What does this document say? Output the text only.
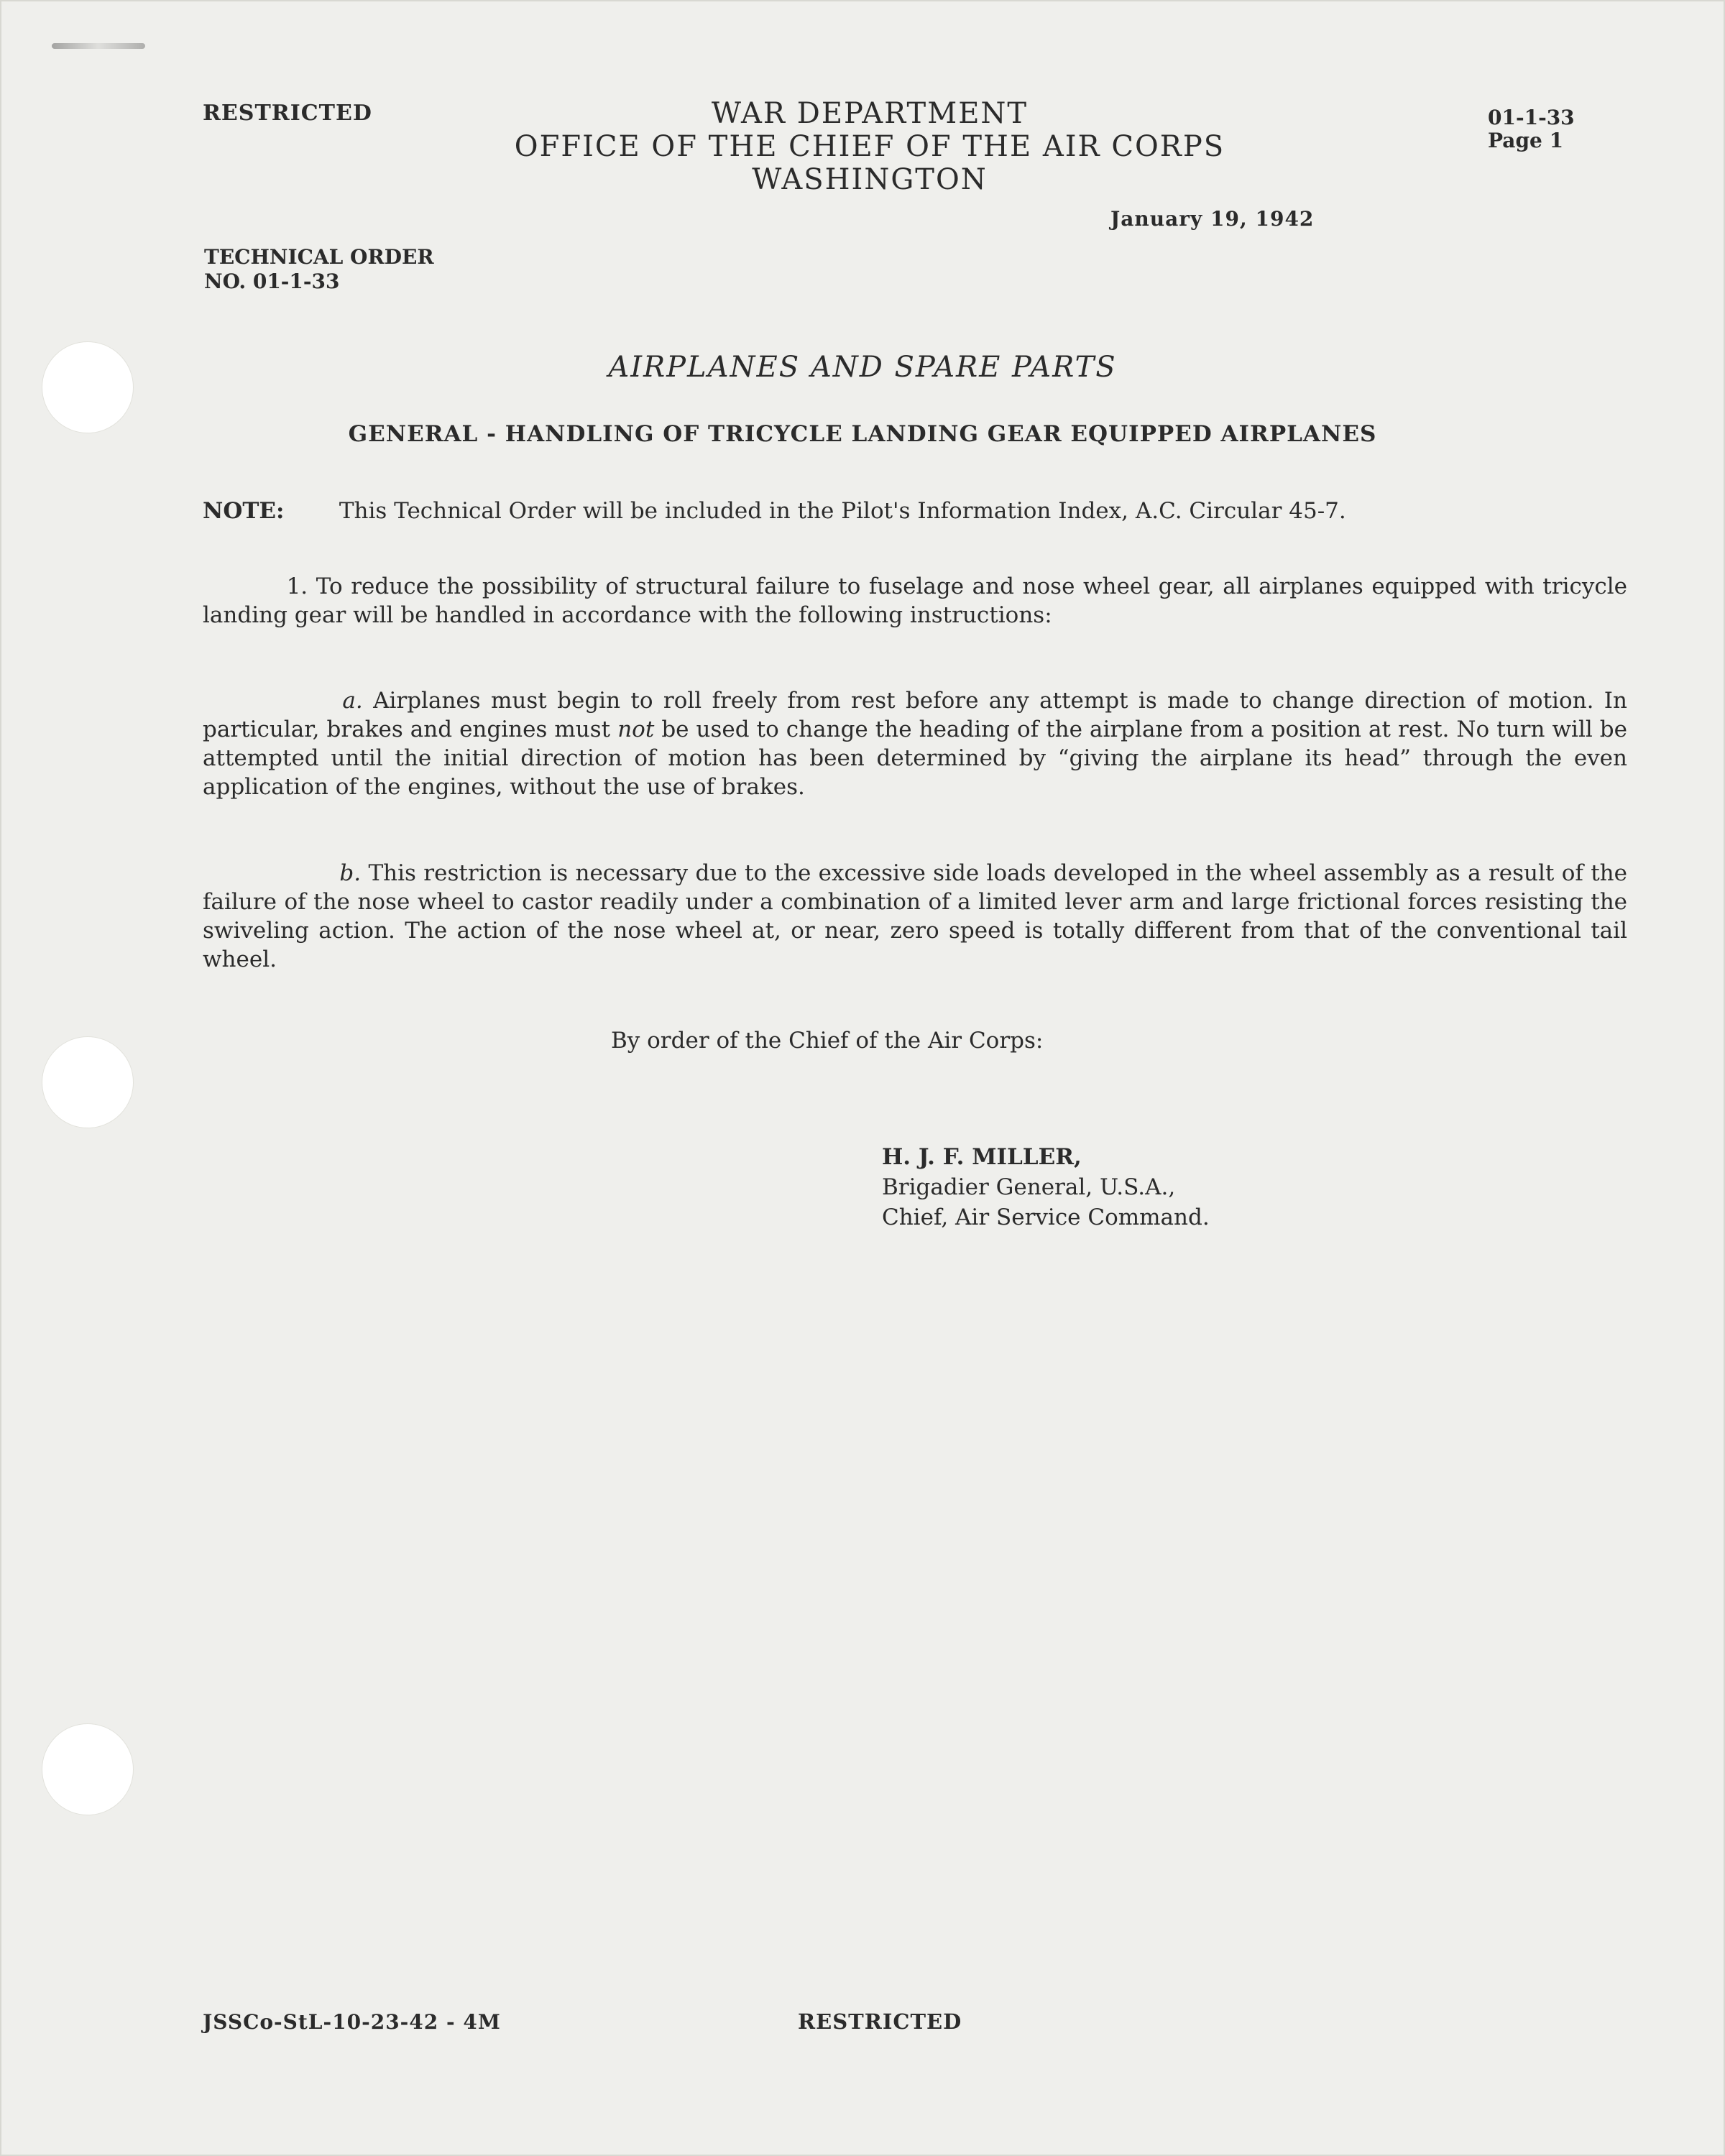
RESTRICTED	01-1-33
Page 1
WAR DEPARTMENT
OFFICE OF THE CHIEF OF THE AIR CORPS
WASHINGTON
January 19, 1942
TECHNICAL ORDER
NO. 01-1-33
AIRPLANES AND SPARE PARTS
GENERAL - HANDLING OF TRICYCLE LANDING GEAR EQUIPPED AIRPLANES
NOTE: This Technical Order will be included in the Pilot's Information Index, A.C. Circular 45-7.
1. To reduce the possibility of structural failure to fuselage and nose wheel gear, all airplanes equipped with tricycle landing gear will be handled in accordance with the following instructions:
a. Airplanes must begin to roll freely from rest before any attempt is made to change direction of motion. In particular, brakes and engines must not be used to change the heading of the airplane from a position at rest. No turn will be attempted until the initial direction of motion has been determined by “giving the airplane its head” through the even application of the engines, without the use of brakes.
b. This restriction is necessary due to the excessive side loads developed in the wheel assembly as a result of the failure of the nose wheel to castor readily under a combination of a limited lever arm and large frictional forces resisting the swiveling action. The action of the nose wheel at, or near, zero speed is totally different from that of the conventional tail wheel.
By order of the Chief of the Air Corps:
H. J. F. MILLER,
Brigadier General, U.S.A.,
Chief, Air Service Command.
JSSCo-StL-10-23-42 - 4M	RESTRICTED
